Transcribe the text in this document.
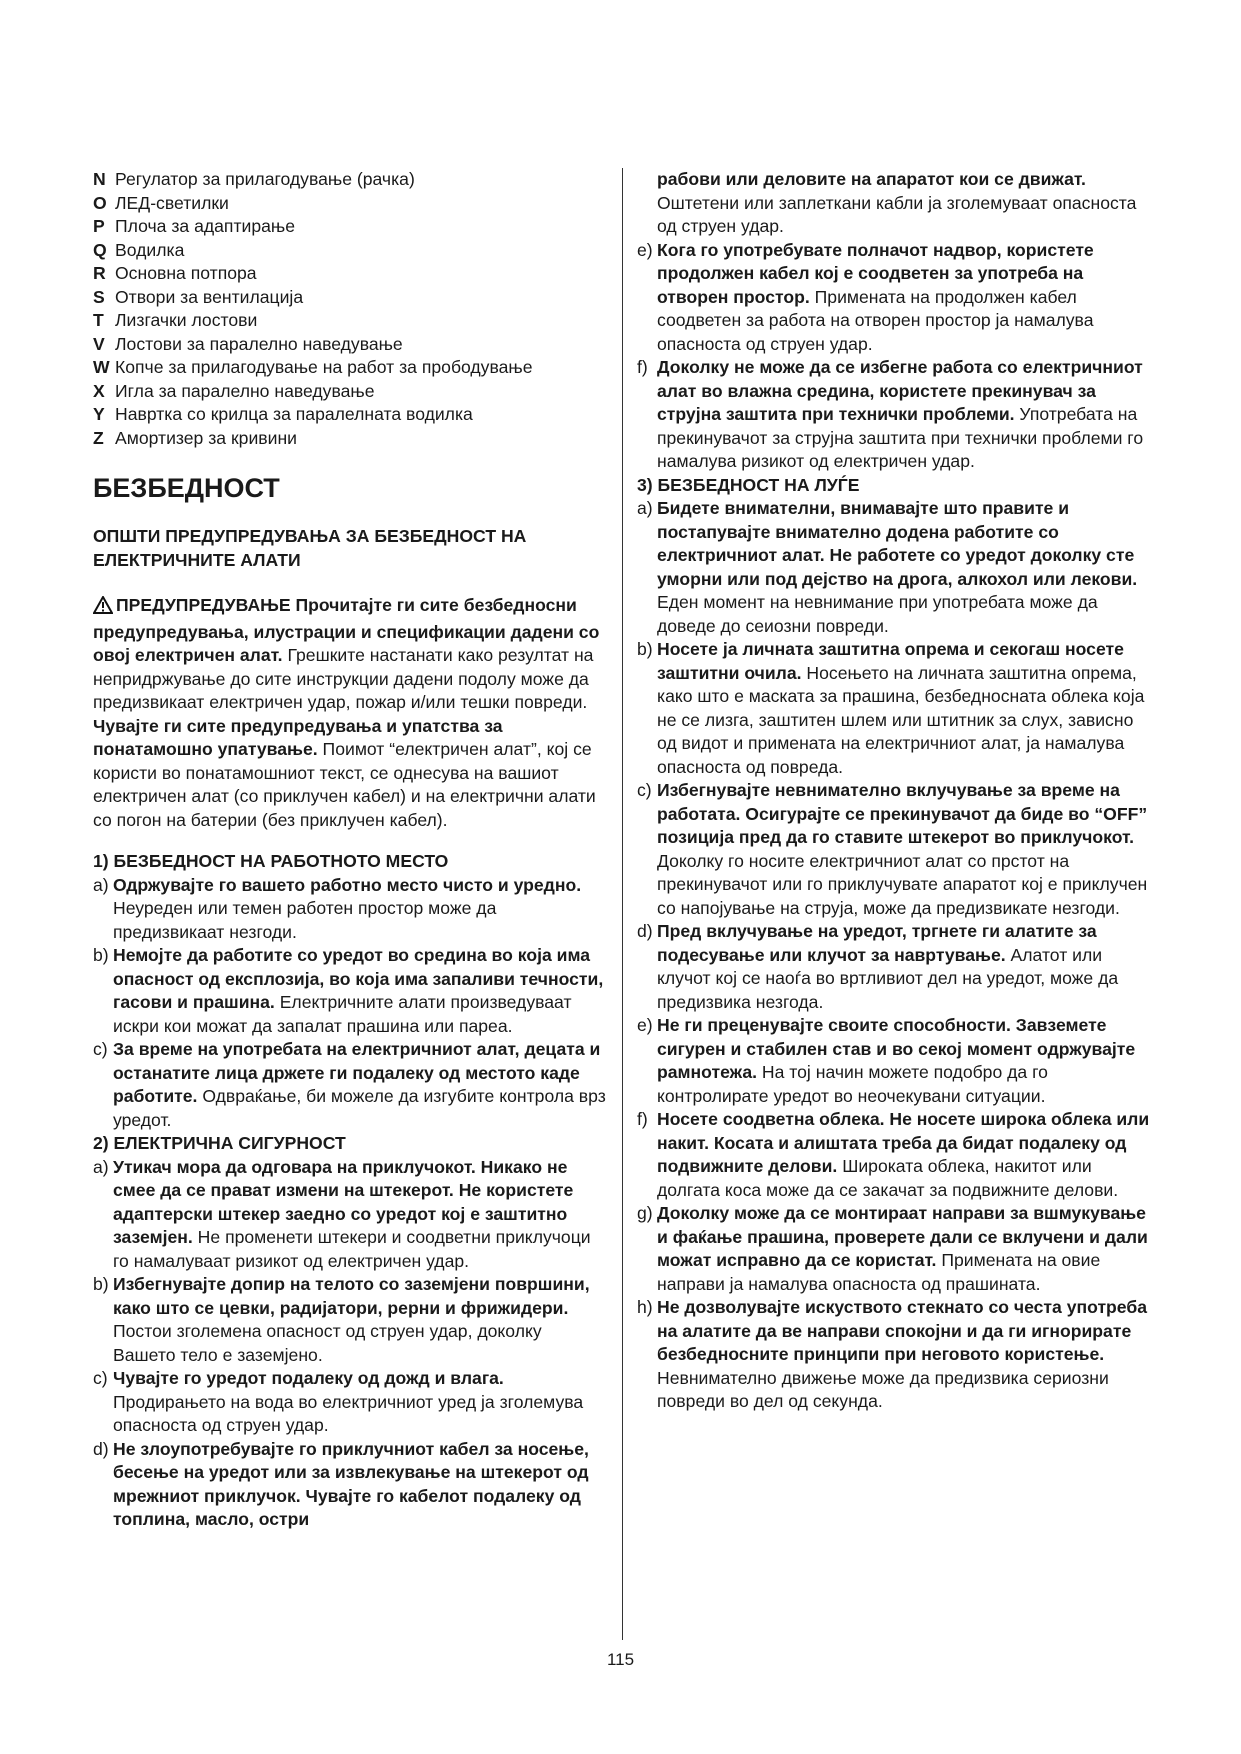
N Регулатор за прилагодување (рачка)
O ЛЕД-светилки
P Плоча за адаптирање
Q Водилка
R Основна потпора
S Отвори за вентилација
T Лизгачки лостови
V Лостови за паралелно наведување
W Копче за прилагодување на работ за прободување
X Игла за паралелно наведување
Y Навртка со крилца за паралелната водилка
Z Амортизер за кривини
БЕЗБЕДНОСТ
ОПШТИ ПРЕДУПРЕДУВАЊА ЗА БЕЗБЕДНОСТ НА ЕЛЕКТРИЧНИТЕ АЛАТИ

ПРЕДУПРЕДУВАЊЕ Прочитајте ги сите безбедносни предупредувања, илустрации и спецификации дадени со овој електричен алат. Грешките настанати како резултат на непридржување до сите инструкции дадени подолу може да предизвикаат електричен удар, пожар и/или тешки повреди. Чувајте ги сите предупредувања и упатства за понатамошно упатување. Поимот “електричен алат”, кој се користи во понатамошниот текст, се однесува на вашиот електричен алат (со приклучен кабел) и на електрични алати со погон на батерии (без приклучен кабел).

1) БЕЗБЕДНОСТ НА РАБОТНОТО МЕСТО
a) Одржувајте го вашето работно место чисто и уредно. Неуреден или темен работен простор може да предизвикаат незгоди.
b) Немојте да работите со уредот во средина во која има опасност од експлозија, во која има запаливи течности, гасови и прашина. Електричните алати произведуваат искри кои можат да запалат прашина или пареа.
c) За време на употребата на електричниот алат, децата и останатите лица држете ги подалеку од местото каде работите. Одвраќање, би можеле да изгубите контрола врз уредот.
2) ЕЛЕКТРИЧНА СИГУРНОСТ
a) Утикач мора да одговара на приклучокот. Никако не смее да се прават измени на штекерот. Не користете адаптерски штекер заедно со уредот кој е заштитно заземјен. Не променети штекери и соодветни приклучоци го намалуваат ризикот од електричен удар.
b) Избегнувајте допир на телото со заземјени површини, како што се цевки, радијатори, рерни и фрижидери. Постои зголемена опасност од струен удар, доколку Вашето тело е заземјено.
c) Чувајте го уредот подалеку од дожд и влага. Продирањето на вода во електричниот уред ја зголемува опасноста од струен удар.
d) Не злоупотребувајте го приклучниот кабел за носење, бесење на уредот или за извлекување на штекерот од мрежниот приклучок. Чувајте го кабелот подалеку од топлина, масло, остри
рабови или деловите на апаратот кои се движат. Оштетени или заплеткани кабли ја зголемуваат опасноста од струен удар.
e) Кога го употребувате полначот надвор, користете продолжен кабел кој е соодветен за употреба на отворен простор. Примената на продолжен кабел соодветен за работа на отворен простор ја намалува опасноста од струен удар.
f) Доколку не може да се избегне работа со електричниот алат во влажна средина, користете прекинувач за струјна заштита при технички проблеми. Употребата на прекинувачот за струјна заштита при технички проблеми го намалува ризикот од електричен удар.
3) БЕЗБЕДНОСТ НА ЛУЃЕ
a) Бидете внимателни, внимавајте што правите и постапувајте внимателно додена работите со електричниот алат. Не работете со уредот доколку сте уморни или под дејство на дрога, алкохол или лекови. Еден момент на невнимание при употребата може да доведе до сеиозни повреди.
b) Носете ја личната заштитна опрема и секогаш носете заштитни очила. Носењето на личната заштитна опрема, како што е маската за прашина, безбедносната облека која не се лизга, заштитен шлем или штитник за слух, зависно од видот и примената на електричниот алат, ја намалува опасноста од повреда.
c) Избегнувајте невнимателно вклучување за време на работата. Осигурајте се прекинувачот да биде во “OFF” позиција пред да го ставите штекерот во приклучокот. Доколку го носите електричниот алат со прстот на прекинувачот или го приклучувате апаратот кој е приклучен со напојување на струја, може да предизвикате незгоди.
d) Пред вклучување на уредот, тргнете ги алатите за подесување или клучот за навртување. Алатот или клучот кој се наоѓа во вртливиот дел на уредот, може да предизвика незгода.
e) Не ги преценувајте своите способности. Завземете сигурен и стабилен став и во секој момент одржувајте рамнотежа. На тој начин можете подобро да го контролирате уредот во неочекувани ситуации.
f) Носете соодветна облека. Не носете широка облека или накит. Косата и алиштата треба да бидат подалеку од подвижните делови. Широката облека, накитот или долгата коса може да се закачат за подвижните делови.
g) Доколку може да се монтираат направи за вшмукување и фаќање прашина, проверете дали се вклучени и дали можат исправно да се користат. Примената на овие направи ја намалува опасноста од прашината.
h) Не дозволувајте искуството стекнато со честа употреба на алатите да ве направи спокојни и да ги игнорирате безбедносните принципи при неговото користење. Невнимателно движење може да предизвика сериозни повреди во дел од секунда.
115
